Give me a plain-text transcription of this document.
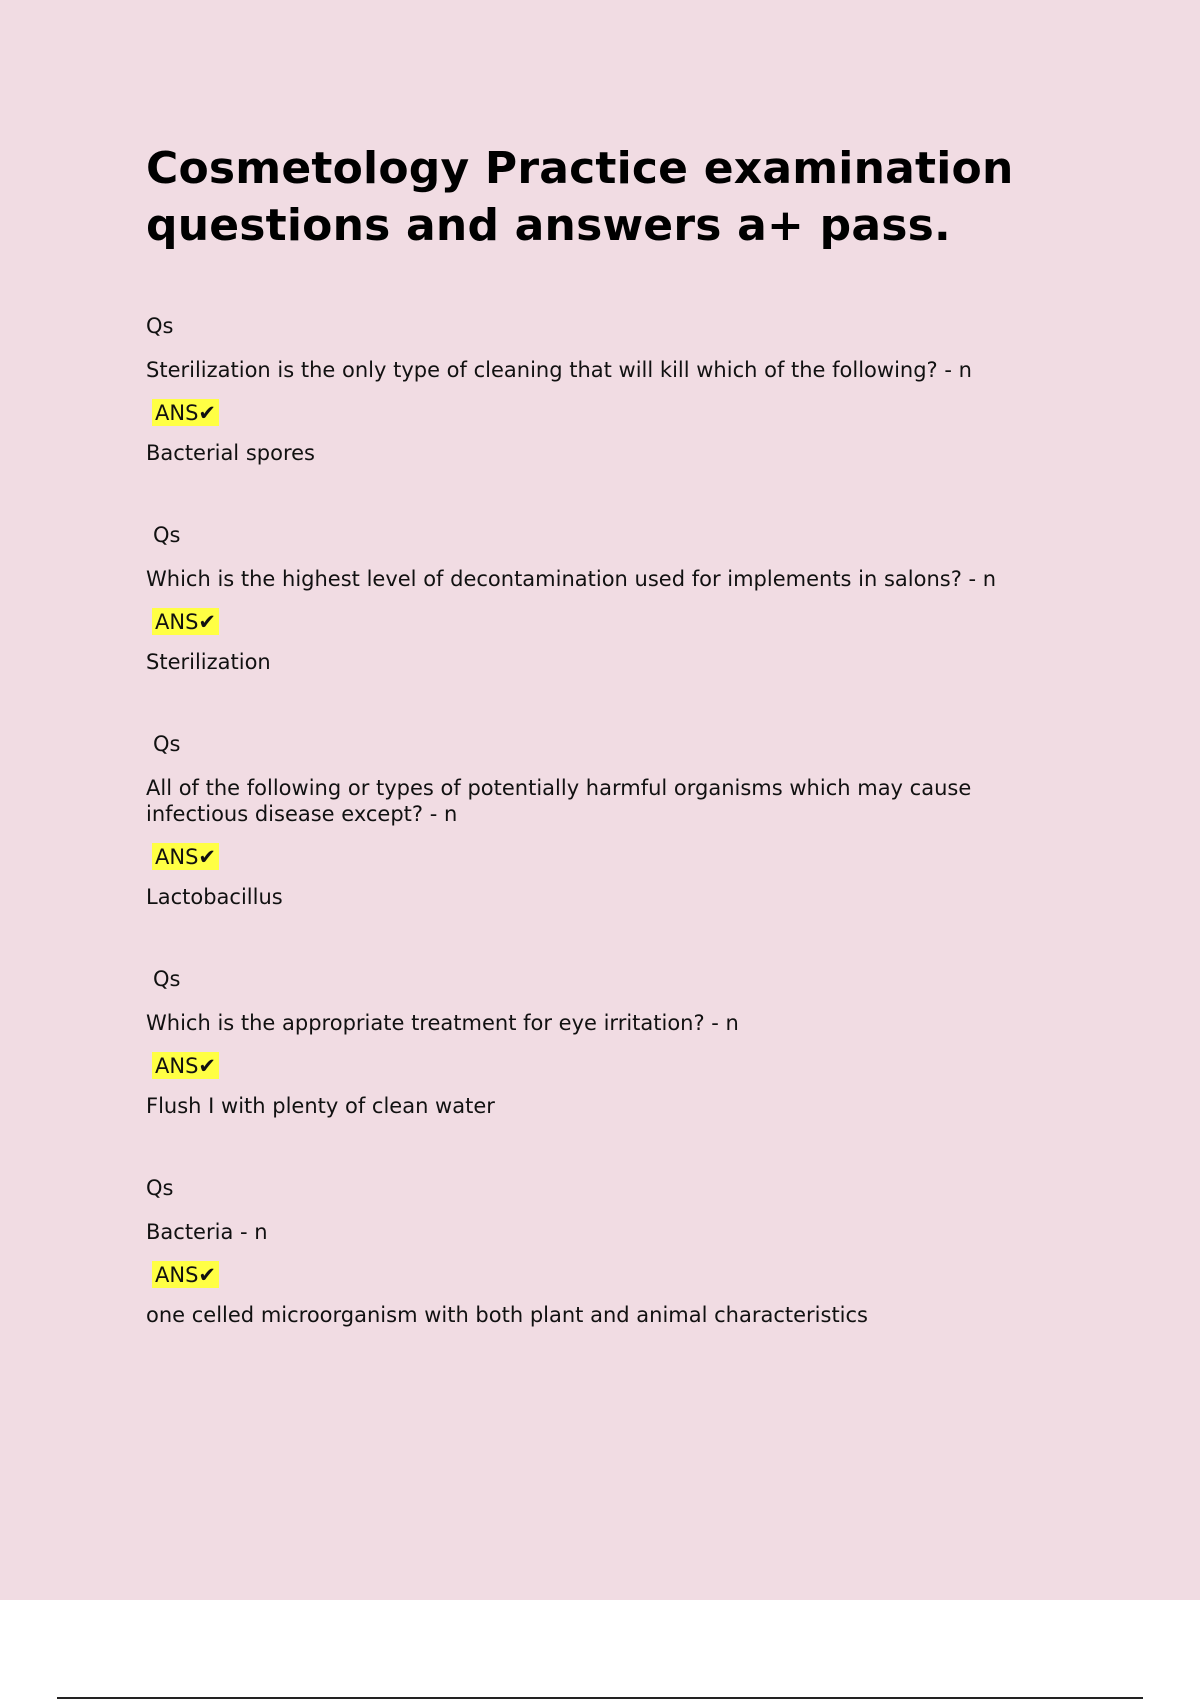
Cosmetology Practice examination questions and answers a+ pass.
Qs
Sterilization is the only type of cleaning that will kill which of the following? - n
ANS✔
Bacterial spores
Qs
Which is the highest level of decontamination used for implements in salons? - n
ANS✔
Sterilization
Qs
All of the following or types of potentially harmful organisms which may cause
infectious disease except? - n
ANS✔
Lactobacillus
Qs
Which is the appropriate treatment for eye irritation? - n
ANS✔
Flush I with plenty of clean water
Qs
Bacteria - n
ANS✔
one celled microorganism with both plant and animal characteristics
